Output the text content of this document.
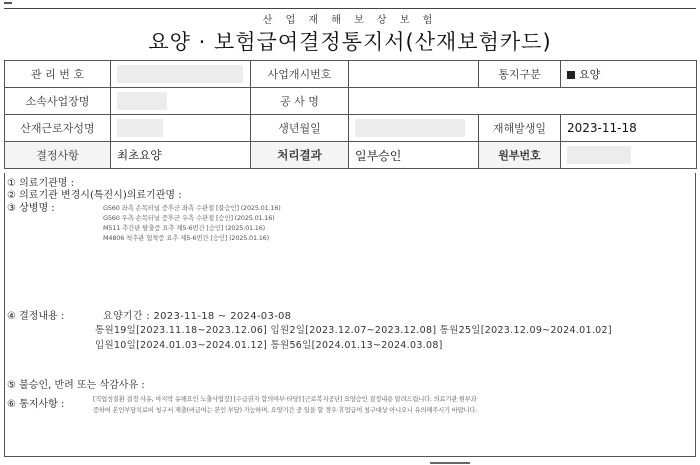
산 업 재 해 보 상 보 험
요양 · 보험급여결정통지서(산재보험카드)
관 리 번 호		사업개시번호		통지구분	요양
소속사업장명		공 사 명			
산재근로자성명		생년월일		재해발생일	2023-11-18
결정사항	최초요양	처리결과	일부승인	원부번호	
① 의료기관명 :
② 의료기관 변경시(특진시)의료기관명 :
③ 상병명 :	G560 좌측 손목터널 증후군 좌측 수관절 [불승인] (2025.01.16)
G560 우측 손목터널 증후군 우측 수관절 [승인] (2025.01.16)
M511 추간판 탈출증 요추 제5-6번간 [승인] (2025.01.16)
M4806 척추관 협착증 요추 제5-6번간 [승인] (2025.01.16)
④ 결정내용 :	요양기간 : 2023-11-18 ~ 2024-03-08
통원19일[2023.11.18~2023.12.06] 입원2일[2023.12.07~2023.12.08] 통원25일[2023.12.09~2024.01.02]
입원10일[2024.01.03~2024.01.12] 통원56일[2024.01.13~2024.03.08]
⑤ 불승인, 반려 또는 삭감사유 :
⑥ 통지사항 :	[직업성질환 결정 사유, 마지막 유해요인 노출사업장] [수급권자 합의여부·타당] [근로복지공단] 요양승인 결정내용 알려드립니다. 의료기관 원부과
증하여 본인부담치료비 청구서 제출(비급여는 본인 부담) 가능하며, 요양기간 중 일을 할 경우 휴업급여 청구대상 아니오니 유의해주시기 바랍니다.
